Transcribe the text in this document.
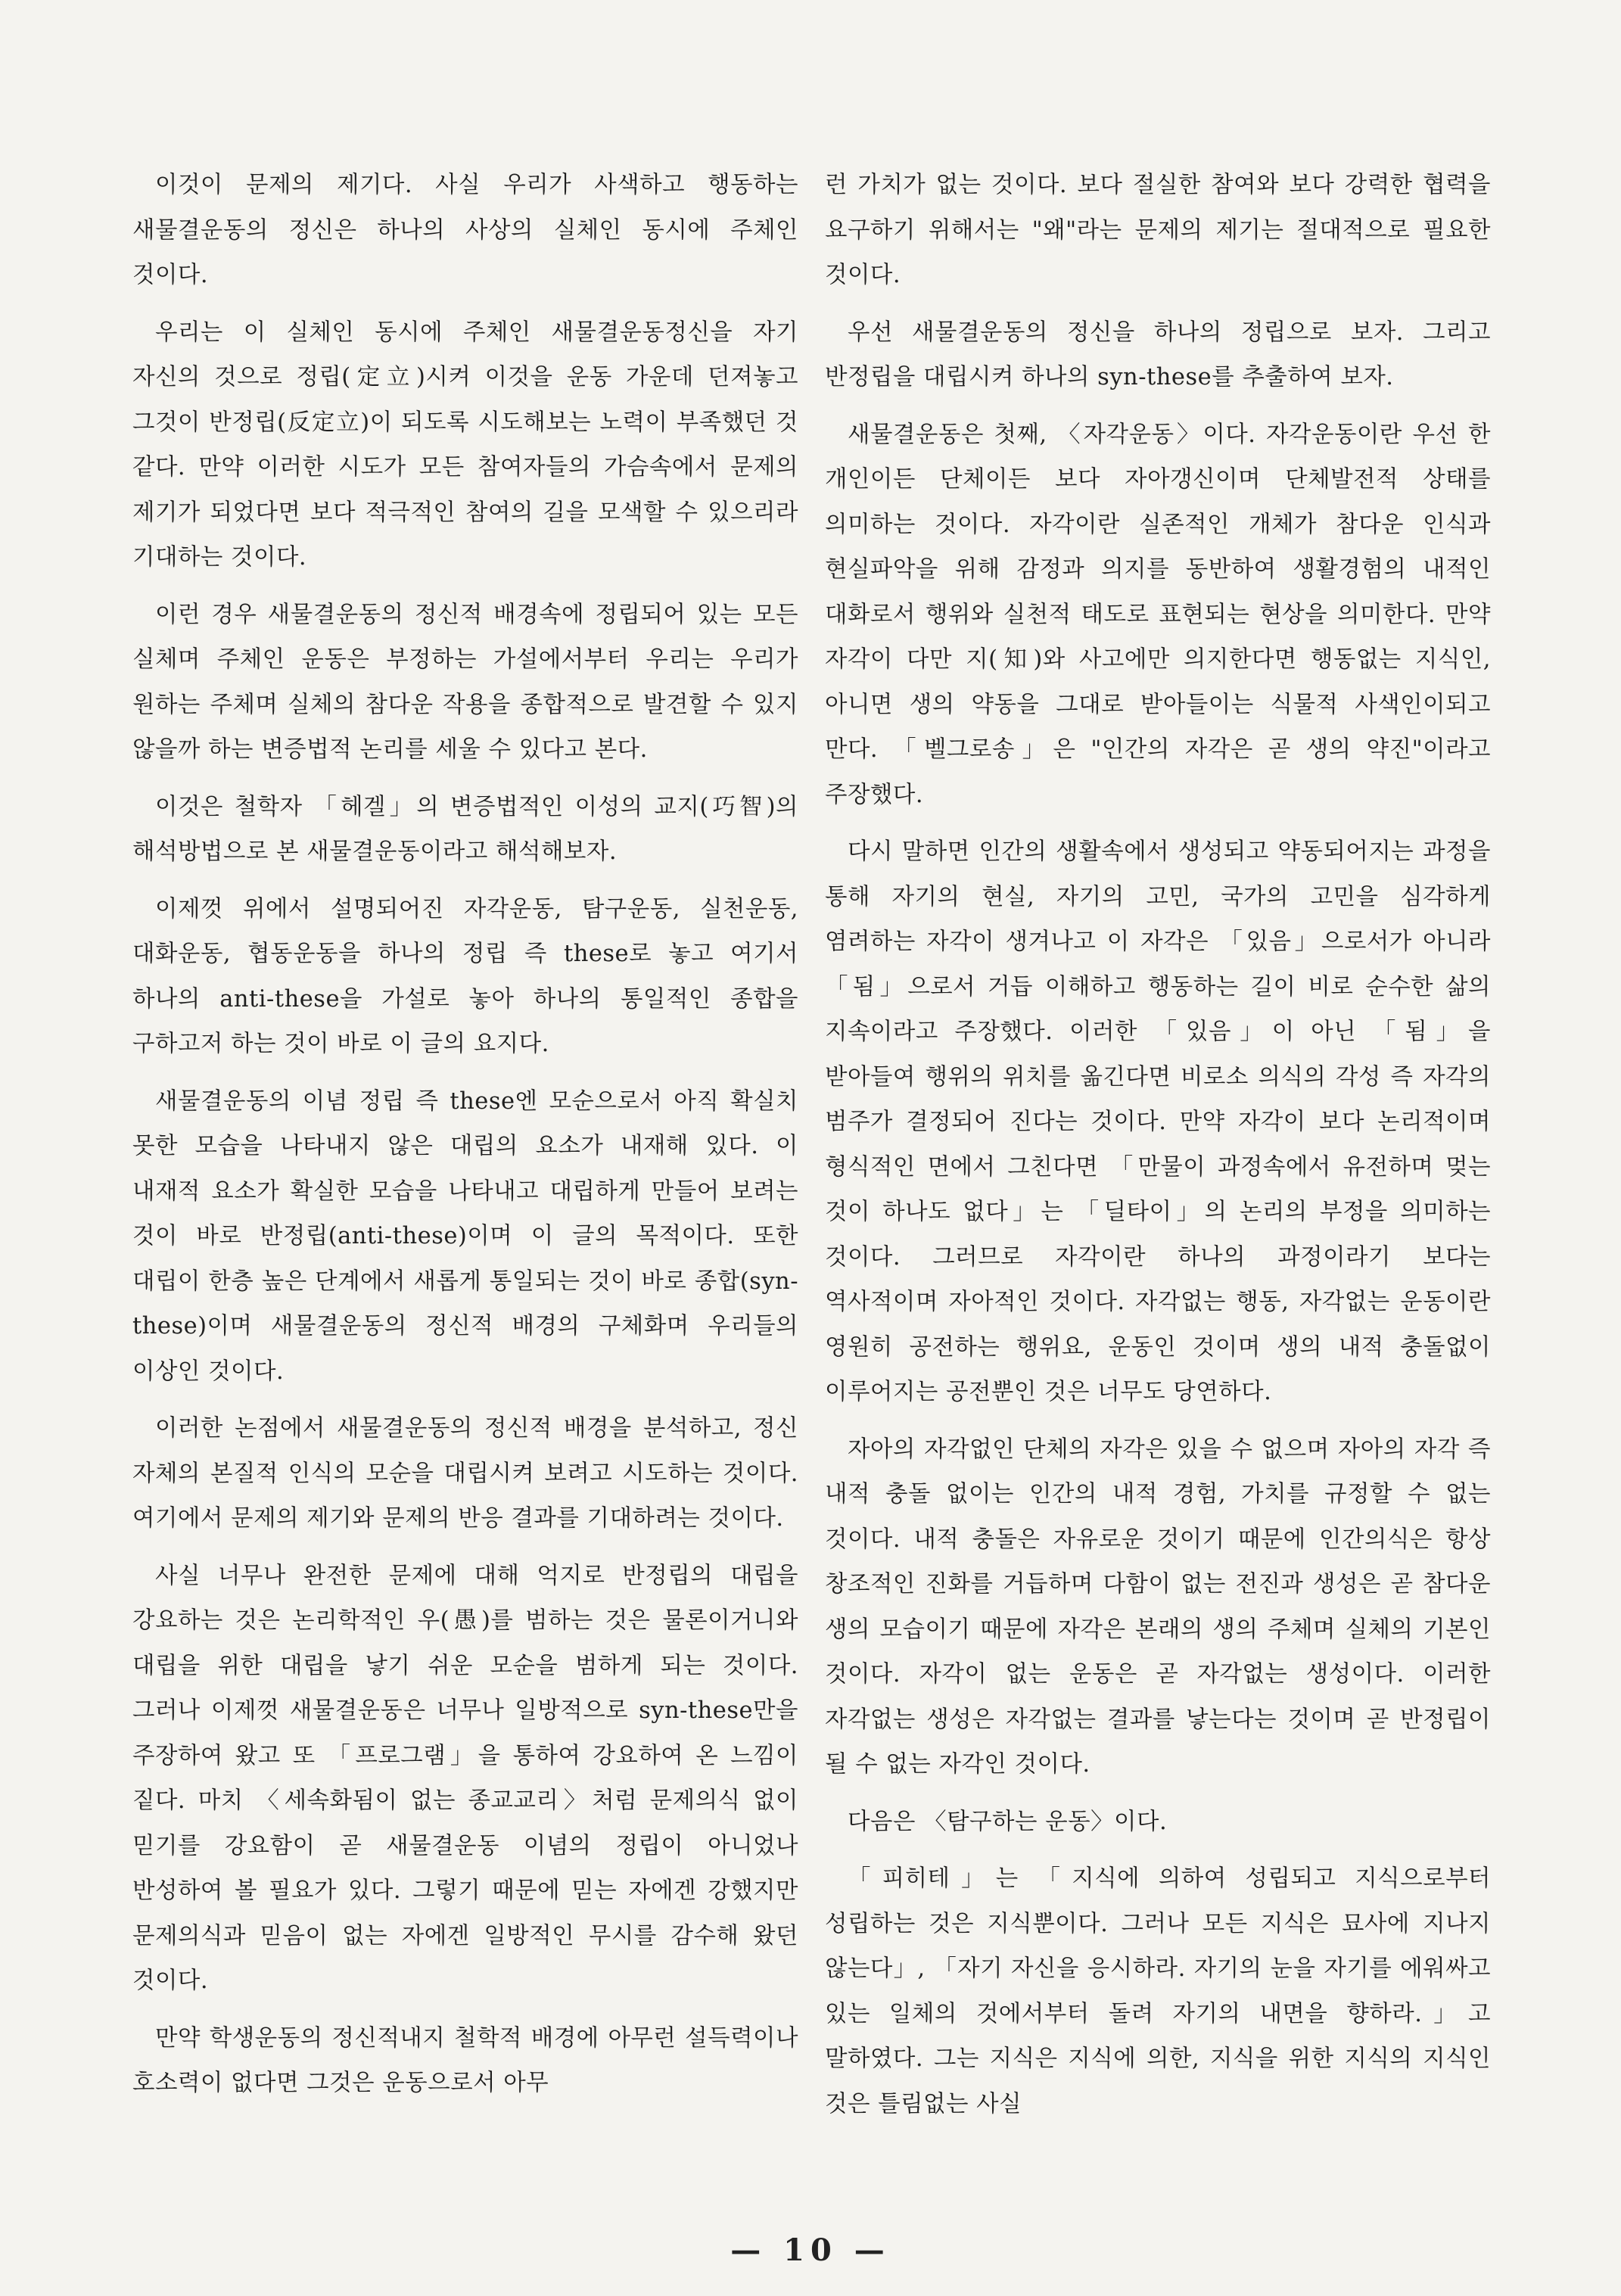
이것이 문제의 제기다. 사실 우리가 사색하고 행동하는 새물결운동의 정신은 하나의 사상의 실체인 동시에 주체인 것이다.

우리는 이 실체인 동시에 주체인 새물결운동정신을 자기 자신의 것으로 정립(定立)시켜 이것을 운동 가운데 던져놓고 그것이 반정립(反定立)이 되도록 시도해보는 노력이 부족했던 것 같다. 만약 이러한 시도가 모든 참여자들의 가슴속에서 문제의 제기가 되었다면 보다 적극적인 참여의 길을 모색할 수 있으리라 기대하는 것이다.

이런 경우 새물결운동의 정신적 배경속에 정립되어 있는 모든 실체며 주체인 운동은 부정하는 가설에서부터 우리는 우리가 원하는 주체며 실체의 참다운 작용을 종합적으로 발견할 수 있지 않을까 하는 변증법적 논리를 세울 수 있다고 본다.

이것은 철학자 「헤겔」의 변증법적인 이성의 교지(巧智)의 해석방법으로 본 새물결운동이라고 해석해보자.

이제껏 위에서 설명되어진 자각운동, 탐구운동, 실천운동, 대화운동, 협동운동을 하나의 정립 즉 these로 놓고 여기서 하나의 anti-these을 가설로 놓아 하나의 통일적인 종합을 구하고저 하는 것이 바로 이 글의 요지다.

새물결운동의 이념 정립 즉 these엔 모순으로서 아직 확실치 못한 모습을 나타내지 않은 대립의 요소가 내재해 있다. 이 내재적 요소가 확실한 모습을 나타내고 대립하게 만들어 보려는 것이 바로 반정립(anti-these)이며 이 글의 목적이다. 또한 대립이 한층 높은 단계에서 새롭게 통일되는 것이 바로 종합(syn-these)이며 새물결운동의 정신적 배경의 구체화며 우리들의 이상인 것이다.

이러한 논점에서 새물결운동의 정신적 배경을 분석하고, 정신 자체의 본질적 인식의 모순을 대립시켜 보려고 시도하는 것이다. 여기에서 문제의 제기와 문제의 반응 결과를 기대하려는 것이다.

사실 너무나 완전한 문제에 대해 억지로 반정립의 대립을 강요하는 것은 논리학적인 우(愚)를 범하는 것은 물론이거니와 대립을 위한 대립을 낳기 쉬운 모순을 범하게 되는 것이다. 그러나 이제껏 새물결운동은 너무나 일방적으로 syn-these만을 주장하여 왔고 또 「프로그램」을 통하여 강요하여 온 느낌이 짙다. 마치 〈세속화됨이 없는 종교교리〉처럼 문제의식 없이 믿기를 강요함이 곧 새물결운동 이념의 정립이 아니었나 반성하여 볼 필요가 있다. 그렇기 때문에 믿는 자에겐 강했지만 문제의식과 믿음이 없는 자에겐 일방적인 무시를 감수해 왔던 것이다.

만약 학생운동의 정신적내지 철학적 배경에 아무런 설득력이나 호소력이 없다면 그것은 운동으로서 아무

런 가치가 없는 것이다. 보다 절실한 참여와 보다 강력한 협력을 요구하기 위해서는 "왜"라는 문제의 제기는 절대적으로 필요한 것이다.

우선 새물결운동의 정신을 하나의 정립으로 보자. 그리고 반정립을 대립시켜 하나의 syn-these를 추출하여 보자.

새물결운동은 첫째, 〈자각운동〉이다. 자각운동이란 우선 한 개인이든 단체이든 보다 자아갱신이며 단체발전적 상태를 의미하는 것이다. 자각이란 실존적인 개체가 참다운 인식과 현실파악을 위해 감정과 의지를 동반하여 생활경험의 내적인 대화로서 행위와 실천적 태도로 표현되는 현상을 의미한다. 만약 자각이 다만 지(知)와 사고에만 의지한다면 행동없는 지식인, 아니면 생의 약동을 그대로 받아들이는 식물적 사색인이되고 만다. 「벨그로송」은 "인간의 자각은 곧 생의 약진"이라고 주장했다.

다시 말하면 인간의 생활속에서 생성되고 약동되어지는 과정을 통해 자기의 현실, 자기의 고민, 국가의 고민을 심각하게 염려하는 자각이 생겨나고 이 자각은 「있음」으로서가 아니라 「됨」으로서 거듭 이해하고 행동하는 길이 비로 순수한 삶의 지속이라고 주장했다. 이러한 「있음」이 아닌 「됨」을 받아들여 행위의 위치를 옮긴다면 비로소 의식의 각성 즉 자각의 범주가 결정되어 진다는 것이다. 만약 자각이 보다 논리적이며 형식적인 면에서 그친다면 「만물이 과정속에서 유전하며 멎는 것이 하나도 없다」는 「딜타이」의 논리의 부정을 의미하는 것이다. 그러므로 자각이란 하나의 과정이라기 보다는 역사적이며 자아적인 것이다. 자각없는 행동, 자각없는 운동이란 영원히 공전하는 행위요, 운동인 것이며 생의 내적 충돌없이 이루어지는 공전뿐인 것은 너무도 당연하다.

자아의 자각없인 단체의 자각은 있을 수 없으며 자아의 자각 즉 내적 충돌 없이는 인간의 내적 경험, 가치를 규정할 수 없는 것이다. 내적 충돌은 자유로운 것이기 때문에 인간의식은 항상 창조적인 진화를 거듭하며 다함이 없는 전진과 생성은 곧 참다운 생의 모습이기 때문에 자각은 본래의 생의 주체며 실체의 기본인 것이다. 자각이 없는 운동은 곧 자각없는 생성이다. 이러한 자각없는 생성은 자각없는 결과를 낳는다는 것이며 곧 반정립이 될 수 없는 자각인 것이다.

다음은 〈탐구하는 운동〉이다.

「피히테」는 「지식에 의하여 성립되고 지식으로부터 성립하는 것은 지식뿐이다. 그러나 모든 지식은 묘사에 지나지 않는다」, 「자기 자신을 응시하라. 자기의 눈을 자기를 에워싸고 있는 일체의 것에서부터 돌려 자기의 내면을 향하라.」고 말하였다. 그는 지식은 지식에 의한, 지식을 위한 지식의 지식인 것은 틀림없는 사실

— 10 —
